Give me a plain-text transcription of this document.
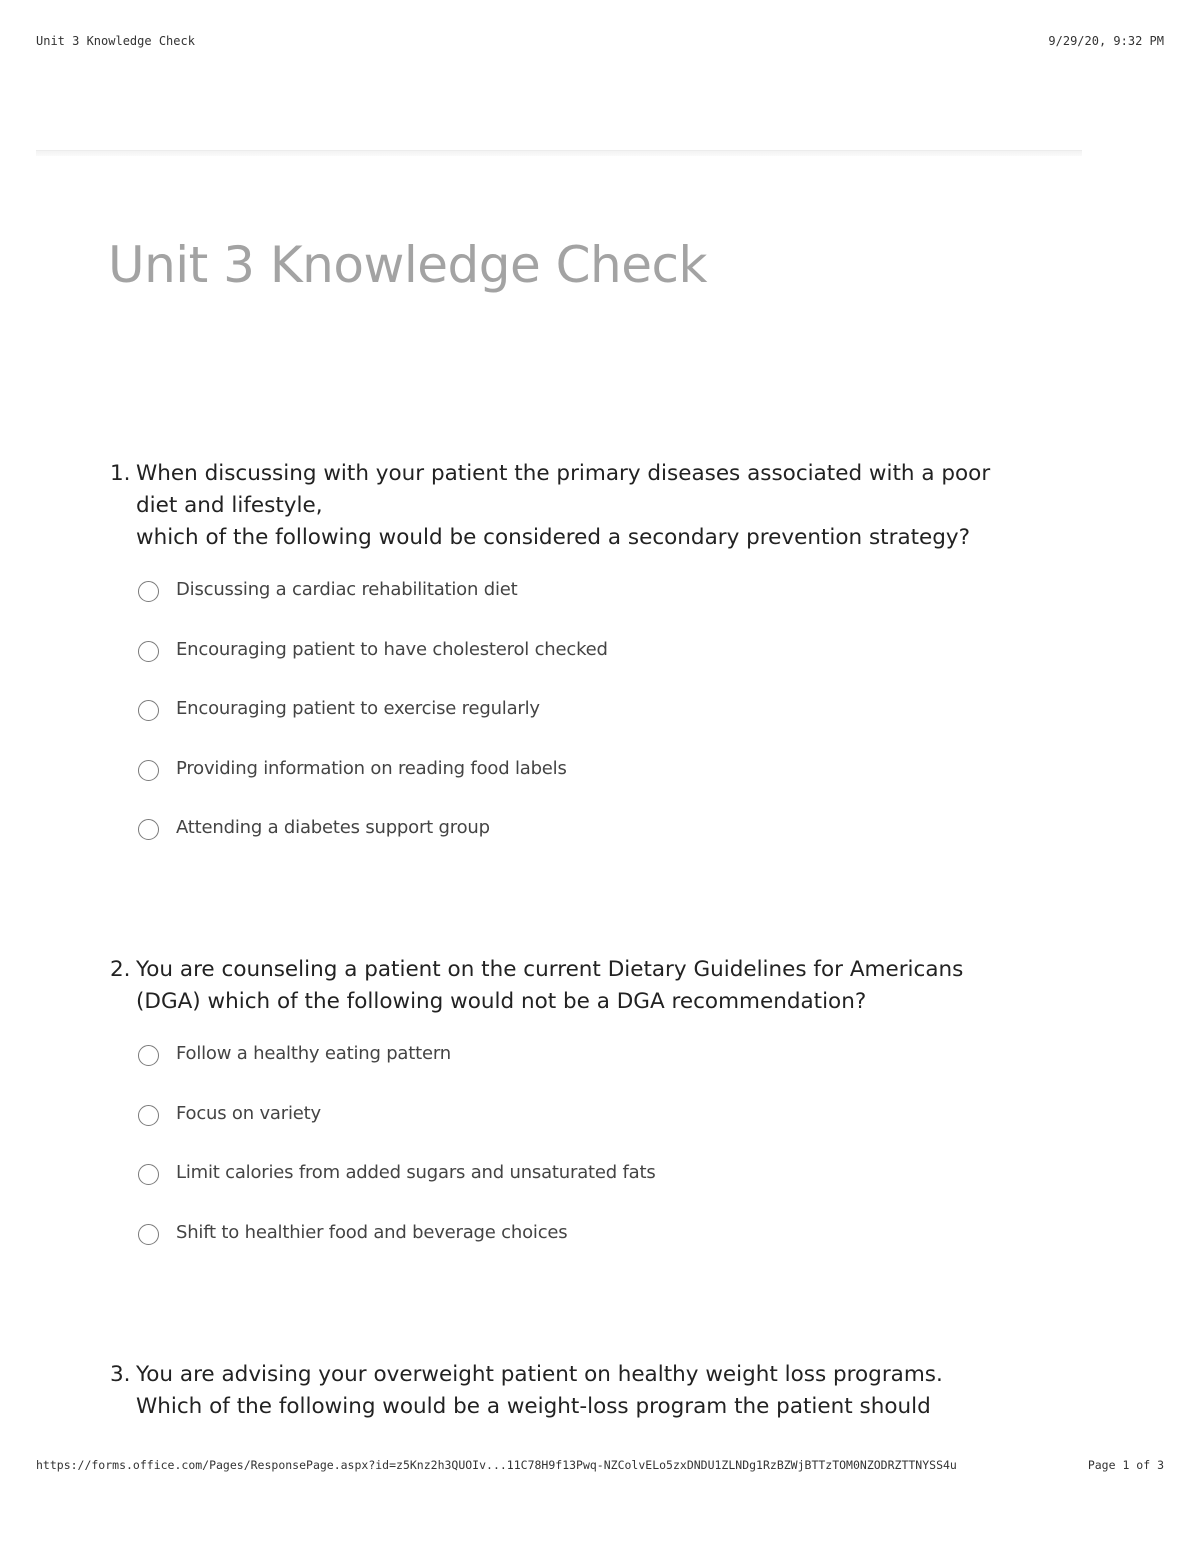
Unit 3 Knowledge Check	9/29/20, 9:32 PM
Unit 3 Knowledge Check
1. When discussing with your patient the primary diseases associated with a poor
diet and lifestyle,
which of the following would be considered a secondary prevention strategy?
Discussing a cardiac rehabilitation diet
Encouraging patient to have cholesterol checked
Encouraging patient to exercise regularly
Providing information on reading food labels
Attending a diabetes support group
2. You are counseling a patient on the current Dietary Guidelines for Americans
(DGA) which of the following would not be a DGA recommendation?
Follow a healthy eating pattern
Focus on variety
Limit calories from added sugars and unsaturated fats
Shift to healthier food and beverage choices
3. You are advising your overweight patient on healthy weight loss programs.
Which of the following would be a weight-loss program the patient should
https://forms.office.com/Pages/ResponsePage.aspx?id=z5Knz2h3QUOIv...11C78H9f13Pwq-NZColvELo5zxDNDU1ZLNDg1RzBZWjBTTzTOM0NZODRZTTNYSS4u	Page 1 of 3
